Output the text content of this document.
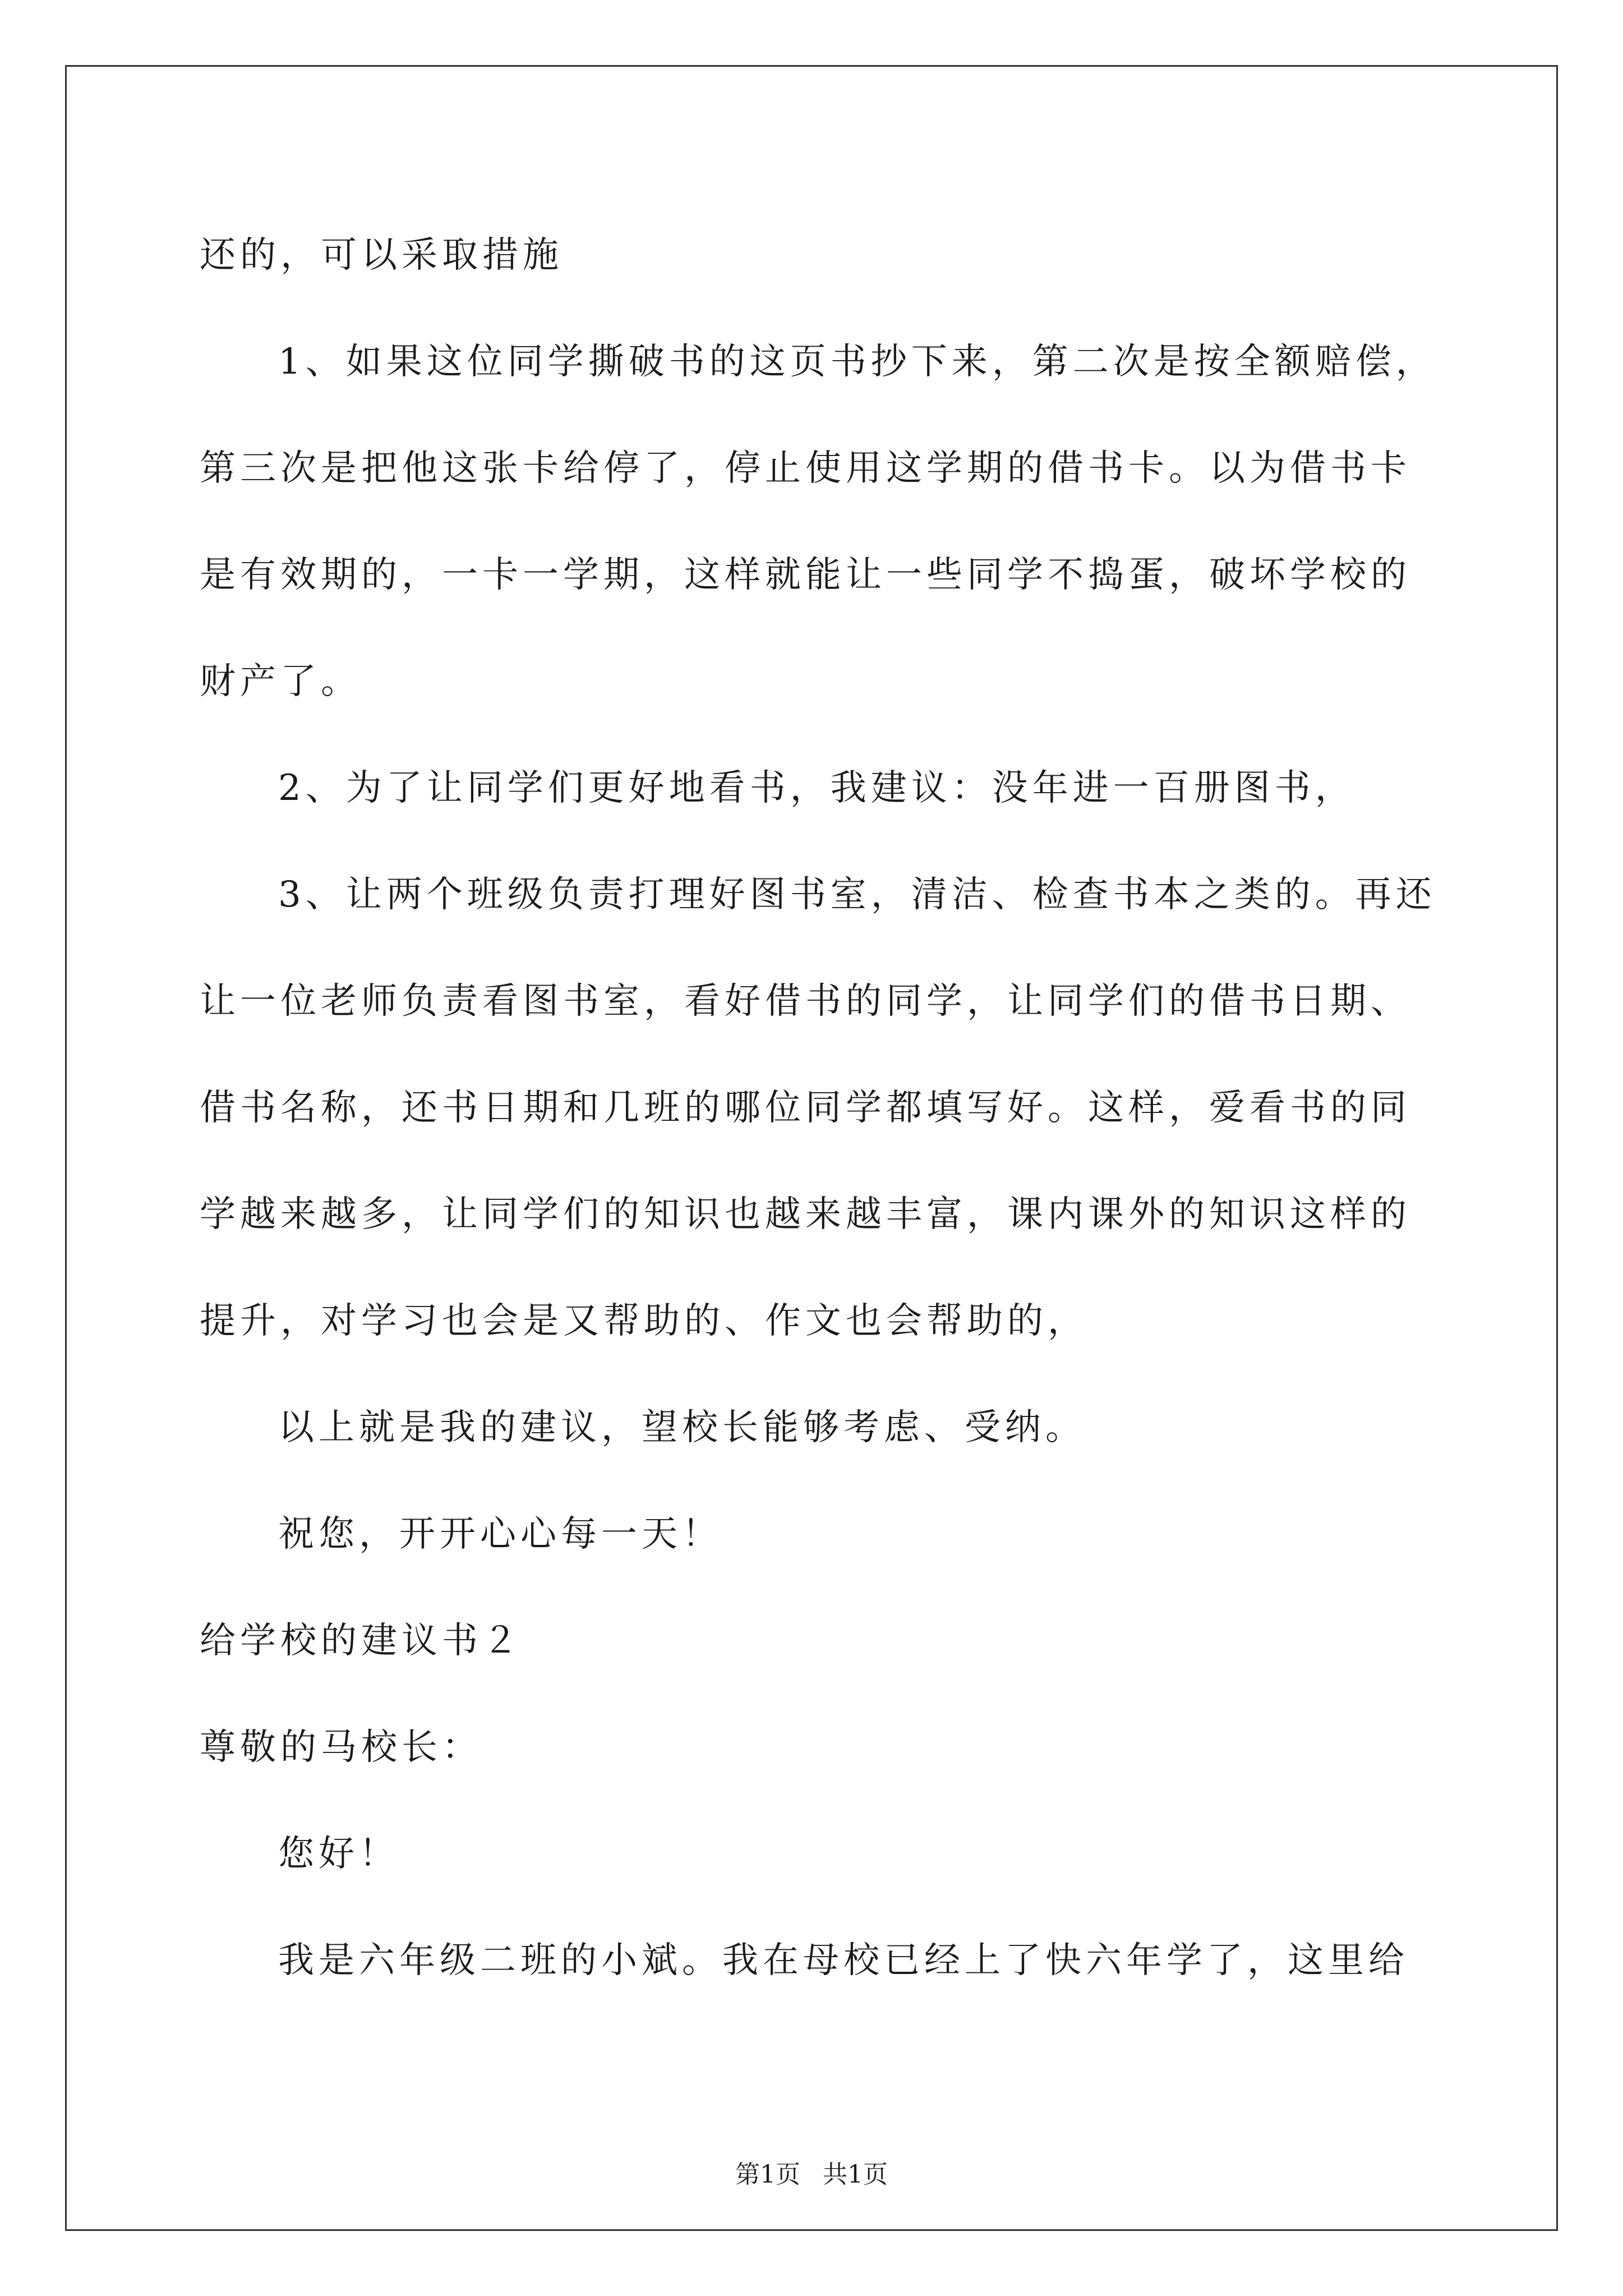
还的，可以采取措施
1、如果这位同学撕破书的这页书抄下来，第二次是按全额赔偿，
第三次是把他这张卡给停了，停止使用这学期的借书卡。以为借书卡
是有效期的，一卡一学期，这样就能让一些同学不捣蛋，破坏学校的
财产了。
2、为了让同学们更好地看书，我建议：没年进一百册图书，
3、让两个班级负责打理好图书室，清洁、检查书本之类的。再还
让一位老师负责看图书室，看好借书的同学，让同学们的借书日期、
借书名称，还书日期和几班的哪位同学都填写好。这样，爱看书的同
学越来越多，让同学们的知识也越来越丰富，课内课外的知识这样的
提升，对学习也会是又帮助的、作文也会帮助的，
以上就是我的建议，望校长能够考虑、受纳。
祝您，开开心心每一天！
给学校的建议书２
尊敬的马校长：
您好！
我是六年级二班的小斌。我在母校已经上了快六年学了，这里给
第1页 共1页
